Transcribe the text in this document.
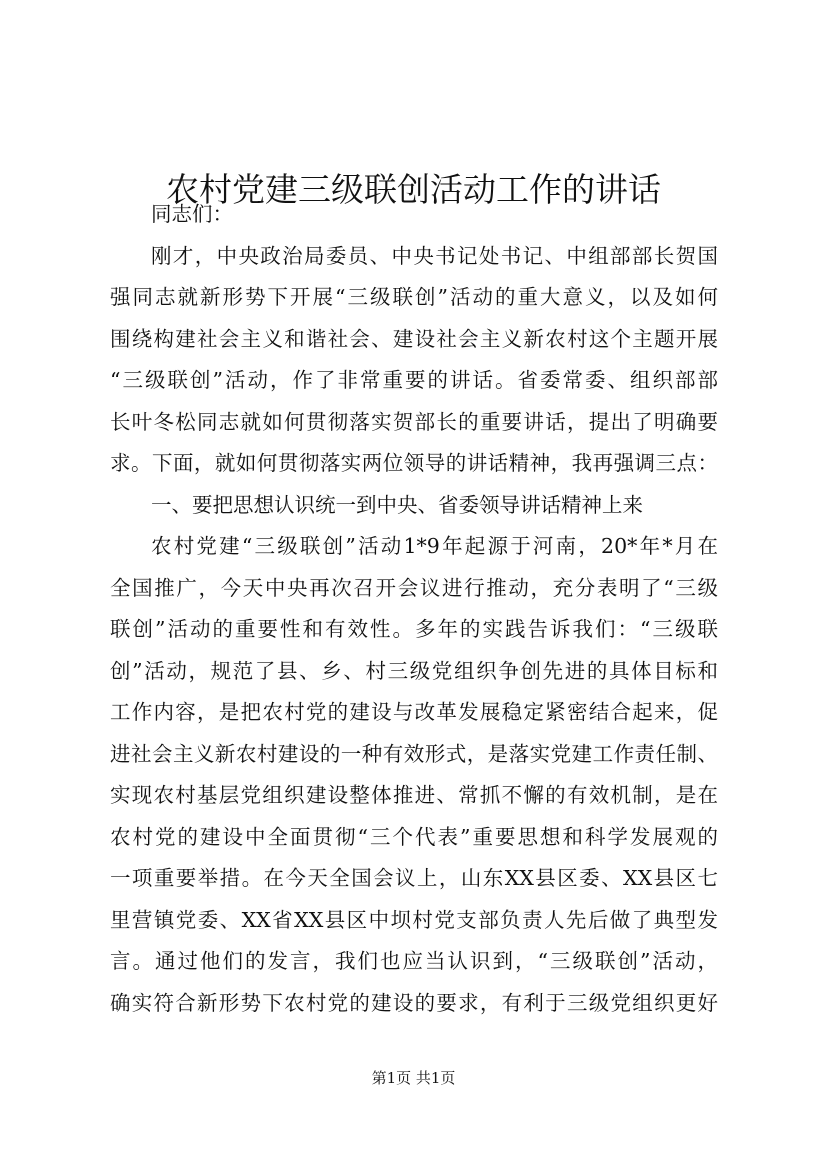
农村党建三级联创活动工作的讲话
同志们：
刚才，中央政治局委员、中央书记处书记、中组部部长贺国
强同志就新形势下开展“三级联创”活动的重大意义，以及如何
围绕构建社会主义和谐社会、建设社会主义新农村这个主题开展
“三级联创”活动，作了非常重要的讲话。省委常委、组织部部
长叶冬松同志就如何贯彻落实贺部长的重要讲话，提出了明确要
求。下面，就如何贯彻落实两位领导的讲话精神，我再强调三点：
一、要把思想认识统一到中央、省委领导讲话精神上来
农村党建“三级联创”活动1*9年起源于河南，20*年*月在
全国推广，今天中央再次召开会议进行推动，充分表明了“三级
联创”活动的重要性和有效性。多年的实践告诉我们：“三级联
创”活动，规范了县、乡、村三级党组织争创先进的具体目标和
工作内容，是把农村党的建设与改革发展稳定紧密结合起来，促
进社会主义新农村建设的一种有效形式，是落实党建工作责任制、
实现农村基层党组织建设整体推进、常抓不懈的有效机制，是在
农村党的建设中全面贯彻“三个代表”重要思想和科学发展观的
一项重要举措。在今天全国会议上，山东XX县区委、XX县区七
里营镇党委、XX省XX县区中坝村党支部负责人先后做了典型发
言。通过他们的发言，我们也应当认识到，“三级联创”活动，
确实符合新形势下农村党的建设的要求，有利于三级党组织更好
第1页 共1页
